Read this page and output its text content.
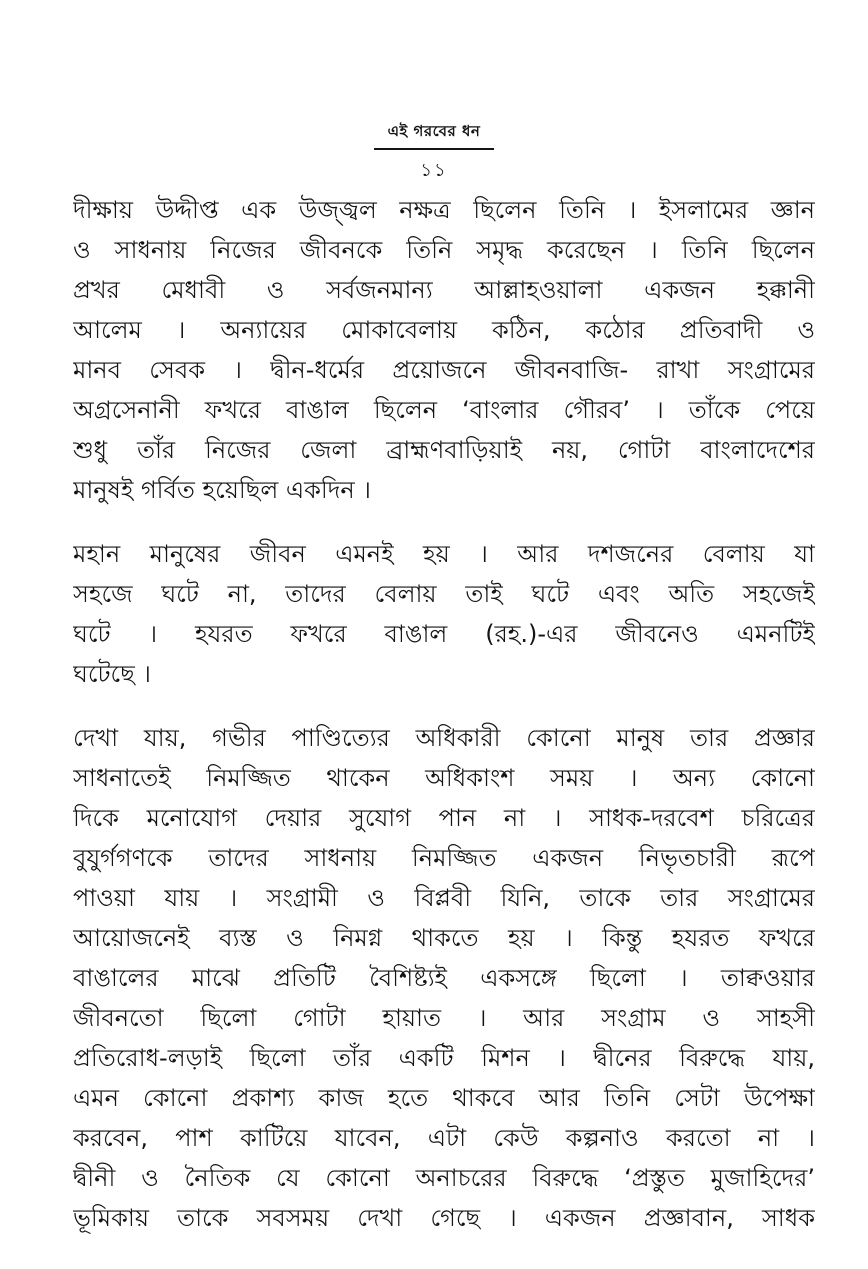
এই গরবের ধন
১১
দীক্ষায় উদ্দীপ্ত এক উজ্জ্বল নক্ষত্র ছিলেন তিনি । ইসলামের জ্ঞান
ও সাধনায় নিজের জীবনকে তিনি সমৃদ্ধ করেছেন । তিনি ছিলেন
প্রখর মেধাবী ও সর্বজনমান্য আল্লাহওয়ালা একজন হক্কানী
আলেম । অন্যায়ের মোকাবেলায় কঠিন, কঠোর প্রতিবাদী ও
মানব সেবক । দ্বীন-ধর্মের প্রয়োজনে জীবনবাজি- রাখা সংগ্রামের
অগ্রসেনানী ফখরে বাঙাল ছিলেন ‘বাংলার গৌরব’ । তাঁকে পেয়ে
শুধু তাঁর নিজের জেলা ব্রাহ্মণবাড়িয়াই নয়, গোটা বাংলাদেশের
মানুষই গর্বিত হয়েছিল একদিন ।
মহান মানুষের জীবন এমনই হয় । আর দশজনের বেলায় যা
সহজে ঘটে না, তাদের বেলায় তাই ঘটে এবং অতি সহজেই
ঘটে । হযরত ফখরে বাঙাল (রহ.)-এর জীবনেও এমনটিই
ঘটেছে ।
দেখা যায়, গভীর পাণ্ডিত্যের অধিকারী কোনো মানুষ তার প্রজ্ঞার
সাধনাতেই নিমজ্জিত থাকেন অধিকাংশ সময় । অন্য কোনো
দিকে মনোযোগ দেয়ার সুযোগ পান না । সাধক-দরবেশ চরিত্রের
বুযুর্গগণকে তাদের সাধনায় নিমজ্জিত একজন নিভৃতচারী রূপে
পাওয়া যায় । সংগ্রামী ও বিপ্লবী যিনি, তাকে তার সংগ্রামের
আয়োজনেই ব্যস্ত ও নিমগ্ন থাকতে হয় । কিন্তু হযরত ফখরে
বাঙালের মাঝে প্রতিটি বৈশিষ্ট্যই একসঙ্গে ছিলো । তাক্বওয়ার
জীবনতো ছিলো গোটা হায়াত । আর সংগ্রাম ও সাহসী
প্রতিরোধ-লড়াই ছিলো তাঁর একটি মিশন । দ্বীনের বিরুদ্ধে যায়,
এমন কোনো প্রকাশ্য কাজ হতে থাকবে আর তিনি সেটা উপেক্ষা
করবেন, পাশ কাটিয়ে যাবেন, এটা কেউ কল্পনাও করতো না ।
দ্বীনী ও নৈতিক যে কোনো অনাচরের বিরুদ্ধে ‘প্রস্তুত মুজাহিদের’
ভূমিকায় তাকে সবসময় দেখা গেছে । একজন প্রজ্ঞাবান, সাধক
